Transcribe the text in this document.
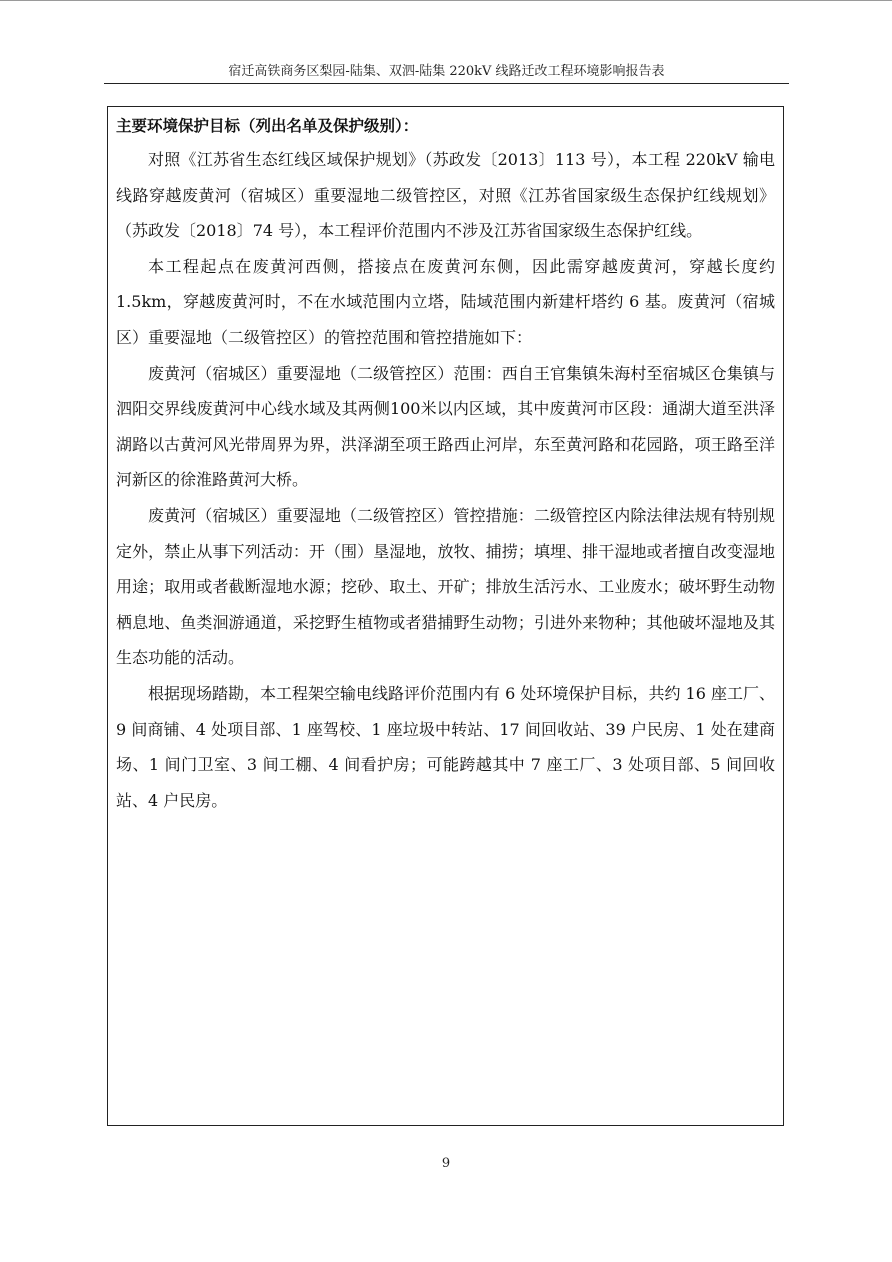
宿迁高铁商务区梨园-陆集、双泗-陆集 220kV 线路迁改工程环境影响报告表
主要环境保护目标（列出名单及保护级别）：

对照《江苏省生态红线区域保护规划》（苏政发〔2013〕113 号），本工程 220kV 输电线路穿越废黄河（宿城区）重要湿地二级管控区，对照《江苏省国家级生态保护红线规划》（苏政发〔2018〕74 号），本工程评价范围内不涉及江苏省国家级生态保护红线。

本工程起点在废黄河西侧，搭接点在废黄河东侧，因此需穿越废黄河，穿越长度约 1.5km，穿越废黄河时，不在水域范围内立塔，陆域范围内新建杆塔约 6 基。废黄河（宿城区）重要湿地（二级管控区）的管控范围和管控措施如下：

废黄河（宿城区）重要湿地（二级管控区）范围：西自王官集镇朱海村至宿城区仓集镇与泗阳交界线废黄河中心线水域及其两侧100米以内区域，其中废黄河市区段：通湖大道至洪泽湖路以古黄河风光带周界为界，洪泽湖至项王路西止河岸，东至黄河路和花园路，项王路至洋河新区的徐淮路黄河大桥。

废黄河（宿城区）重要湿地（二级管控区）管控措施：二级管控区内除法律法规有特别规定外，禁止从事下列活动：开（围）垦湿地，放牧、捕捞；填埋、排干湿地或者擅自改变湿地用途；取用或者截断湿地水源；挖砂、取土、开矿；排放生活污水、工业废水；破坏野生动物栖息地、鱼类洄游通道，采挖野生植物或者猎捕野生动物；引进外来物种；其他破坏湿地及其生态功能的活动。

根据现场踏勘，本工程架空输电线路评价范围内有 6 处环境保护目标，共约 16 座工厂、9 间商铺、4 处项目部、1 座驾校、1 座垃圾中转站、17 间回收站、39 户民房、1 处在建商场、1 间门卫室、3 间工棚、4 间看护房；可能跨越其中 7 座工厂、3 处项目部、5 间回收站、4 户民房。

9
